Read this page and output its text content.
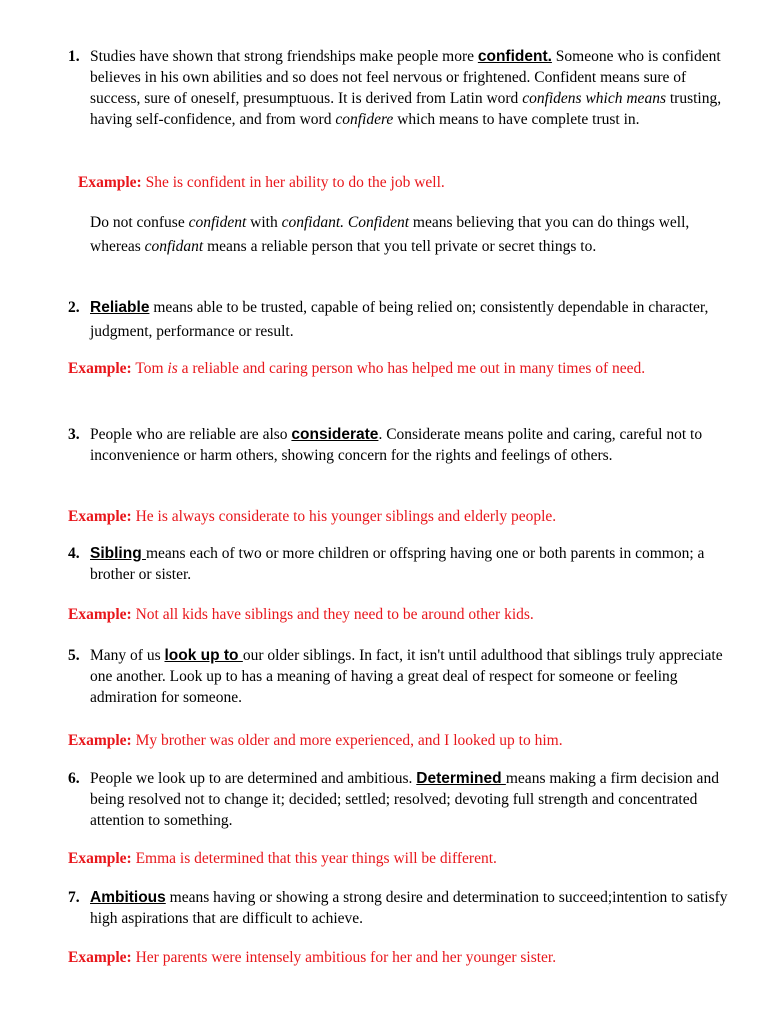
1. Studies have shown that strong friendships make people more confident. Someone who is confident believes in his own abilities and so does not feel nervous or frightened. Confident means sure of success, sure of oneself, presumptuous. It is derived from Latin word confidens which means trusting, having self-confidence, and from word confidere which means to have complete trust in.
Example: She is confident in her ability to do the job well.
Do not confuse confident with confidant. Confident means believing that you can do things well, whereas confidant means a reliable person that you tell private or secret things to.
2. Reliable means able to be trusted, capable of being relied on; consistently dependable in character, judgment, performance or result.
Example: Tom is a reliable and caring person who has helped me out in many times of need.
3. People who are reliable are also considerate. Considerate means polite and caring, careful not to inconvenience or harm others, showing concern for the rights and feelings of others.
Example: He is always considerate to his younger siblings and elderly people.
4. Sibling means each of two or more children or offspring having one or both parents in common; a brother or sister.
Example: Not all kids have siblings and they need to be around other kids.
5. Many of us look up to our older siblings. In fact, it isn't until adulthood that siblings truly appreciate one another. Look up to has a meaning of having a great deal of respect for someone or feeling admiration for someone.
Example: My brother was older and more experienced, and I looked up to him.
6. People we look up to are determined and ambitious. Determined means making a firm decision and being resolved not to change it; decided; settled; resolved; devoting full strength and concentrated attention to something.
Example: Emma is determined that this year things will be different.
7. Ambitious means having or showing a strong desire and determination to succeed;intention to satisfy high aspirations that are difficult to achieve.
Example: Her parents were intensely ambitious for her and her younger sister.
